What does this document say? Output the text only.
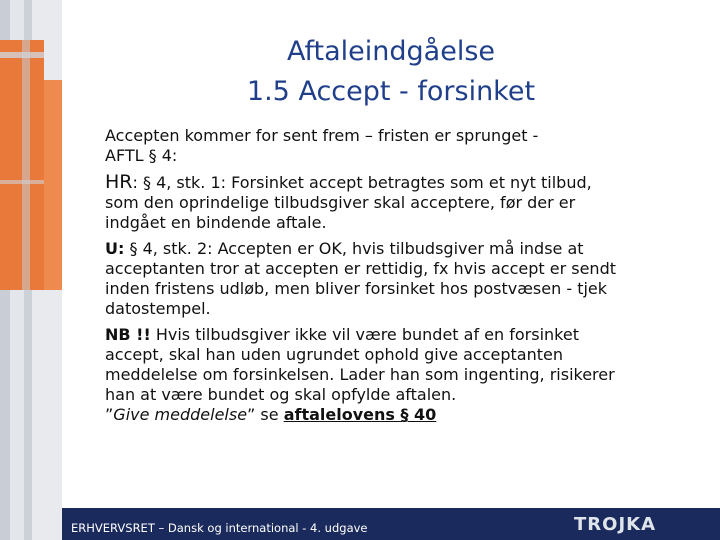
Aftaleindgåelse
1.5 Accept - forsinket

Accepten kommer for sent frem – fristen er sprunget -

AFTL § 4:

HR: § 4, stk. 1: Forsinket accept betragtes som et nyt tilbud,

som den oprindelige tilbudsgiver skal acceptere, før der er

indgået en bindende aftale.

U: § 4, stk. 2: Accepten er OK, hvis tilbudsgiver må indse at

acceptanten tror at accepten er rettidig, fx hvis accept er sendt

inden fristens udløb, men bliver forsinket hos postvæsen - tjek

datostempel.

NB !! Hvis tilbudsgiver ikke vil være bundet af en forsinket

accept, skal han uden ugrundet ophold give acceptanten

meddelelse om forsinkelsen. Lader han som ingenting, risikerer

han at være bundet og skal opfylde aftalen.

”Give meddelelse” se aftalelovens § 40

ERHVERVSRET – Dansk og international - 4. udgave	TROJKA
